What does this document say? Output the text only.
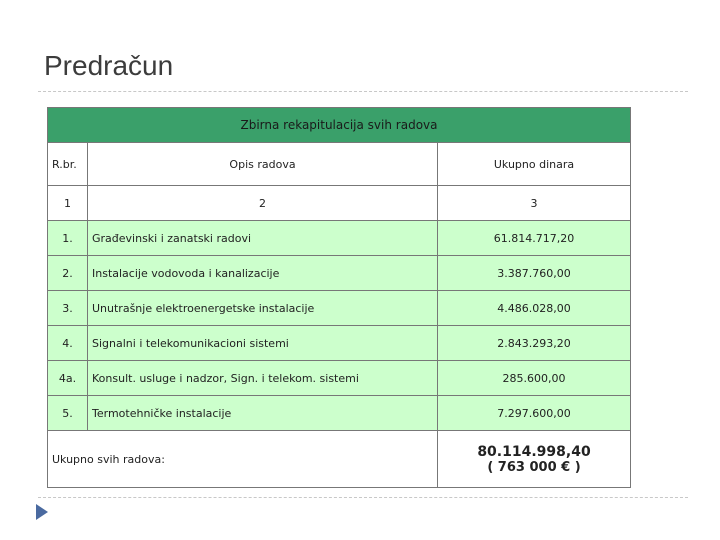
Predračun
Zbirna rekapitulacija svih radova		
R.br.	Opis radova	Ukupno dinara
1	2	3
1.	Građevinski i zanatski radovi	61.814.717,20
2.	Instalacije vodovoda i kanalizacije	3.387.760,00
3.	Unutrašnje elektroenergetske instalacije	4.486.028,00
4.	Signalni i telekomunikacioni sistemi	2.843.293,20
4a.	Konsult. usluge i nadzor, Sign. i telekom. sistemi	285.600,00
5.	Termotehničke instalacije	7.297.600,00
Ukupno svih radova:		80.114.998,40
( 763 000 € )
